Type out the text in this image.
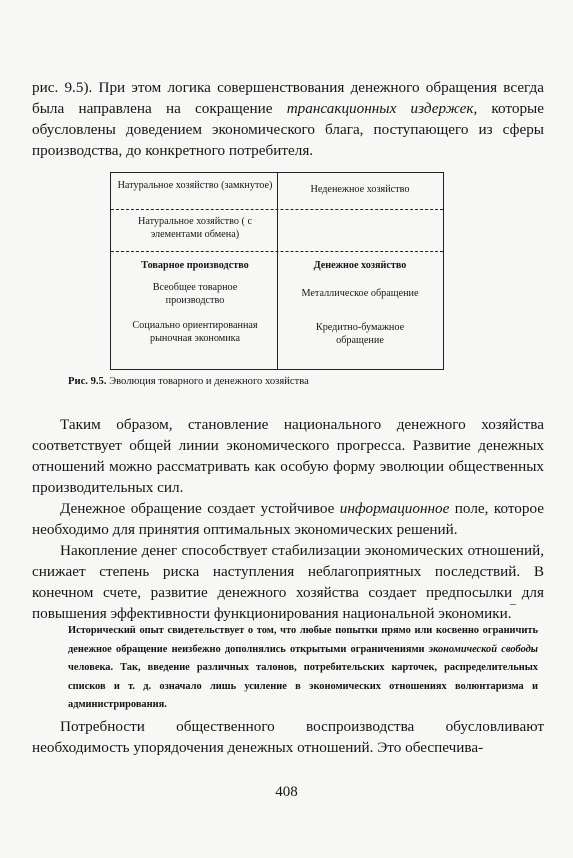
рис. 9.5). При этом логика совершенствования денежного обращения всегда была направлена на сокращение трансакционных издержек, которые обусловлены доведением экономического блага, поступающего из сферы производства, до конкретного потребителя.

Натуральное хозяйство (замкнутое)	Неденежное хозяйство
Натуральное хозяйство ( с элементами обмена)
Товарное производство	Денежное хозяйство
Всеобщее товарное производство
Металлическое обращение
Социально ориентированная рыночная экономика
Кредитно-бумажное обращение
Рис. 9.5. Эволюция товарного и денежного хозяйства

Таким образом, становление национального денежного хозяйства соответствует общей линии экономического прогресса. Развитие денежных отношений можно рассматривать как особую форму эволюции общественных производительных сил.

Денежное обращение создает устойчивое информационное поле, которое необходимо для принятия оптимальных экономических решений.

Накопление денег способствует стабилизации экономических отношений, снижает степень риска наступления неблагоприятных последствий. В конечном счете, развитие денежного хозяйства создает предпосылки для повышения эффективности функционирования национальной экономики.

Исторический опыт свидетельствует о том, что любые попытки прямо или косвенно ограничить денежное обращение неизбежно дополнялись открытыми ограничениями экономической свободы человека. Так, введение различных талонов, потребительских карточек, распределительных списков и т. д. означало лишь усиление в экономических отношениях волюнтаризма и администрирования.

Потребности общественного воспроизводства обусловливают необходимость упорядочения денежных отношений. Это обеспечива-

408
